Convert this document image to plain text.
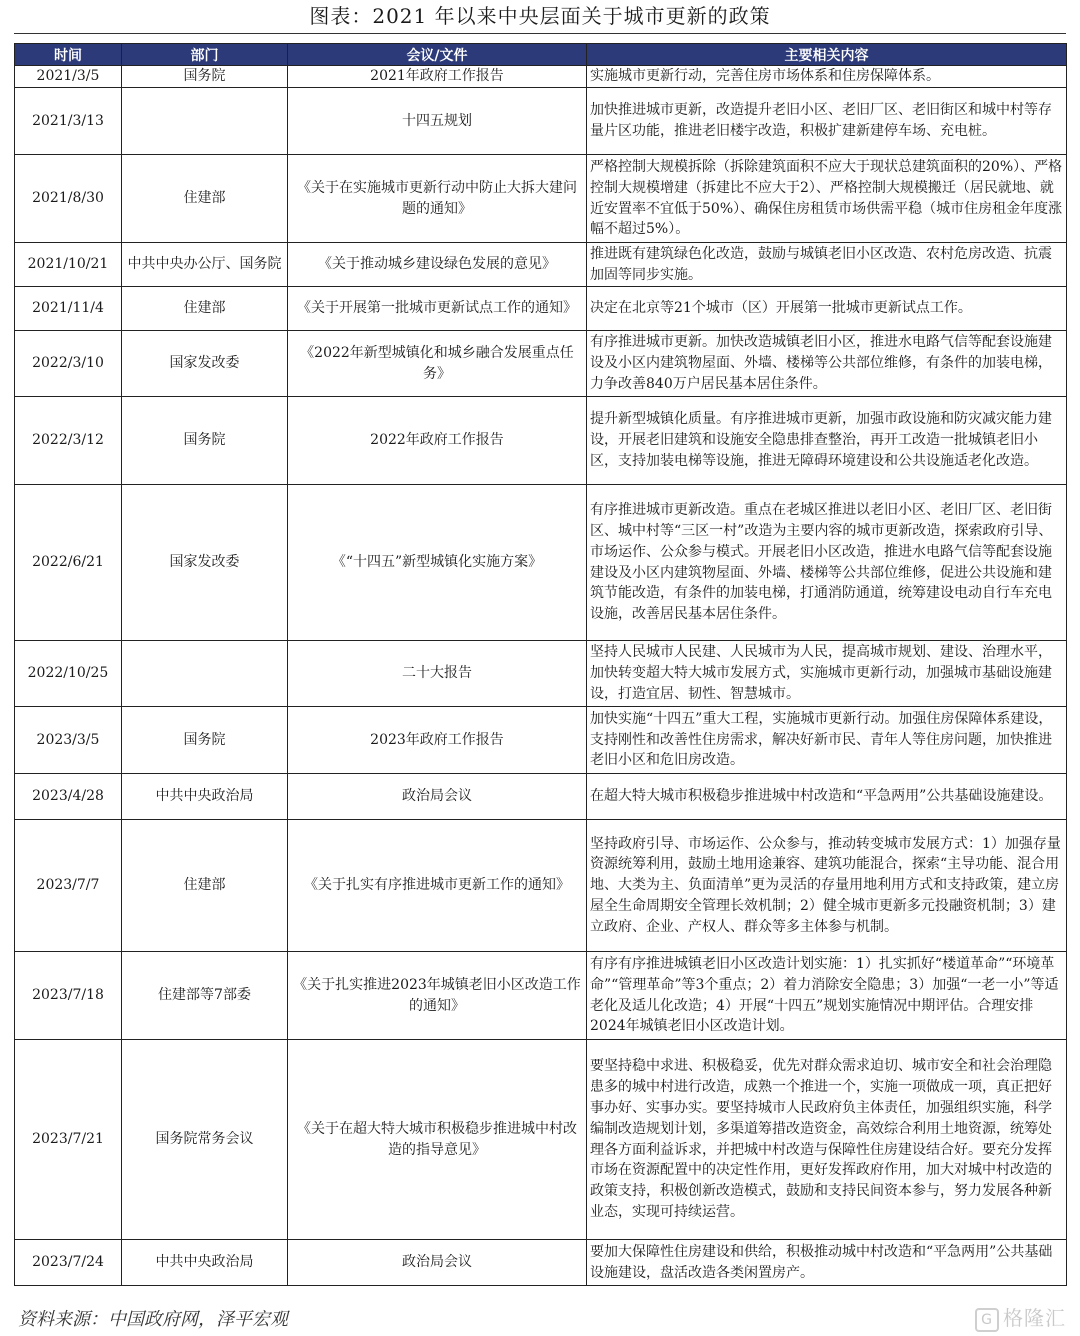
图表：2021 年以来中央层面关于城市更新的政策
时间	部门	会议/文件	主要相关内容
2021/3/5	国务院	2021年政府工作报告	实施城市更新行动，完善住房市场体系和住房保障体系。
2021/3/13		十四五规划	加快推进城市更新，改造提升老旧小区、老旧厂区、老旧街区和城中村等存量片区功能，推进老旧楼宇改造，积极扩建新建停车场、充电桩。
2021/8/30	住建部	《关于在实施城市更新行动中防止大拆大建问题的通知》	严格控制大规模拆除（拆除建筑面积不应大于现状总建筑面积的20%）、严格控制大规模增建（拆建比不应大于2）、严格控制大规模搬迁（居民就地、就近安置率不宜低于50%）、确保住房租赁市场供需平稳（城市住房租金年度涨幅不超过5%）。
2021/10/21	中共中央办公厅、国务院	《关于推动城乡建设绿色发展的意见》	推进既有建筑绿色化改造，鼓励与城镇老旧小区改造、农村危房改造、抗震加固等同步实施。
2021/11/4	住建部	《关于开展第一批城市更新试点工作的通知》	决定在北京等21个城市（区）开展第一批城市更新试点工作。
2022/3/10	国家发改委	《2022年新型城镇化和城乡融合发展重点任务》	有序推进城市更新。加快改造城镇老旧小区，推进水电路气信等配套设施建设及小区内建筑物屋面、外墙、楼梯等公共部位维修，有条件的加装电梯，力争改善840万户居民基本居住条件。
2022/3/12	国务院	2022年政府工作报告	提升新型城镇化质量。有序推进城市更新，加强市政设施和防灾减灾能力建设，开展老旧建筑和设施安全隐患排查整治，再开工改造一批城镇老旧小区，支持加装电梯等设施，推进无障碍环境建设和公共设施适老化改造。
2022/6/21	国家发改委	《“十四五”新型城镇化实施方案》	有序推进城市更新改造。重点在老城区推进以老旧小区、老旧厂区、老旧街区、城中村等“三区一村”改造为主要内容的城市更新改造，探索政府引导、市场运作、公众参与模式。开展老旧小区改造，推进水电路气信等配套设施建设及小区内建筑物屋面、外墙、楼梯等公共部位维修，促进公共设施和建筑节能改造，有条件的加装电梯，打通消防通道，统筹建设电动自行车充电设施，改善居民基本居住条件。
2022/10/25		二十大报告	坚持人民城市人民建、人民城市为人民，提高城市规划、建设、治理水平，加快转变超大特大城市发展方式，实施城市更新行动，加强城市基础设施建设，打造宜居、韧性、智慧城市。
2023/3/5	国务院	2023年政府工作报告	加快实施“十四五”重大工程，实施城市更新行动。加强住房保障体系建设，支持刚性和改善性住房需求，解决好新市民、青年人等住房问题，加快推进老旧小区和危旧房改造。
2023/4/28	中共中央政治局	政治局会议	在超大特大城市积极稳步推进城中村改造和“平急两用”公共基础设施建设。
2023/7/7	住建部	《关于扎实有序推进城市更新工作的通知》	坚持政府引导、市场运作、公众参与，推动转变城市发展方式：1）加强存量资源统筹利用，鼓励土地用途兼容、建筑功能混合，探索“主导功能、混合用地、大类为主、负面清单”更为灵活的存量用地利用方式和支持政策，建立房屋全生命周期安全管理长效机制；2）健全城市更新多元投融资机制；3）建立政府、企业、产权人、群众等多主体参与机制。
2023/7/18	住建部等7部委	《关于扎实推进2023年城镇老旧小区改造工作的通知》	有序有序推进城镇老旧小区改造计划实施：1）扎实抓好“楼道革命”“环境革命”“管理革命”等3个重点；2）着力消除安全隐患；3）加强“一老一小”等适老化及适儿化改造；4）开展“十四五”规划实施情况中期评估。合理安排2024年城镇老旧小区改造计划。
2023/7/21	国务院常务会议	《关于在超大特大城市积极稳步推进城中村改造的指导意见》	要坚持稳中求进、积极稳妥，优先对群众需求迫切、城市安全和社会治理隐患多的城中村进行改造，成熟一个推进一个，实施一项做成一项，真正把好事办好、实事办实。要坚持城市人民政府负主体责任，加强组织实施，科学编制改造规划计划，多渠道筹措改造资金，高效综合利用土地资源，统筹处理各方面利益诉求，并把城中村改造与保障性住房建设结合好。要充分发挥市场在资源配置中的决定性作用，更好发挥政府作用，加大对城中村改造的政策支持，积极创新改造模式，鼓励和支持民间资本参与，努力发展各种新业态，实现可持续运营。
2023/7/24	中共中央政治局	政治局会议	要加大保障性住房建设和供给，积极推动城中村改造和“平急两用”公共基础设施建设，盘活改造各类闲置房产。
资料来源：中国政府网，泽平宏观	G 格隆汇
